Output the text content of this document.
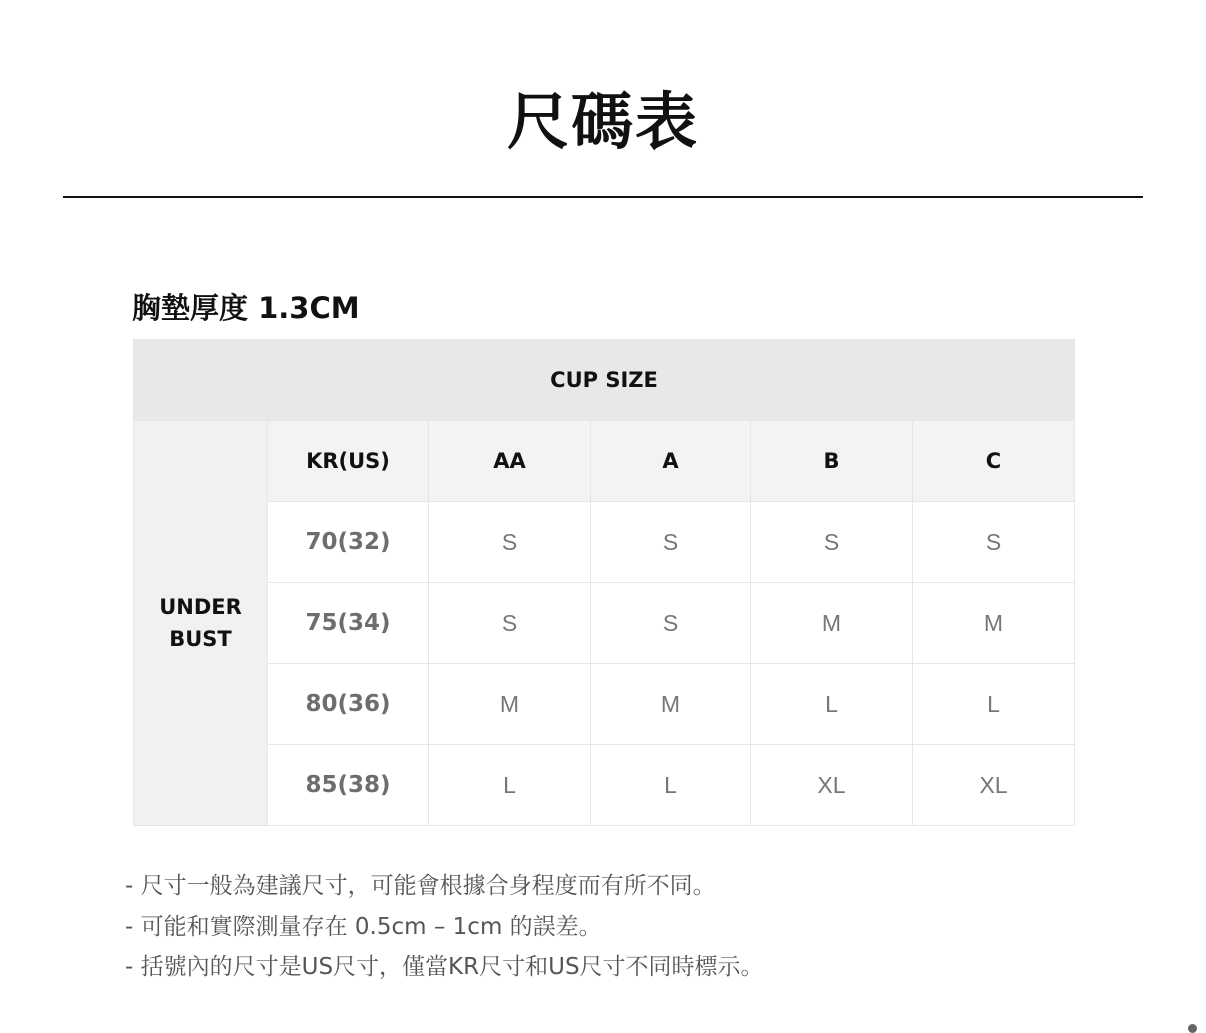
尺碼表
胸墊厚度 1.3CM
CUP SIZE					
UNDER
BUST	KR(US)	AA	A	B	C
	70(32)	S	S	S	S
	75(34)	S	S	M	M
	80(36)	M	M	L	L
	85(38)	L	L	XL	XL
- 尺寸一般為建議尺寸，可能會根據合身程度而有所不同。
- 可能和實際測量存在 0.5cm – 1cm 的誤差。
- 括號內的尺寸是US尺寸，僅當KR尺寸和US尺寸不同時標示。
